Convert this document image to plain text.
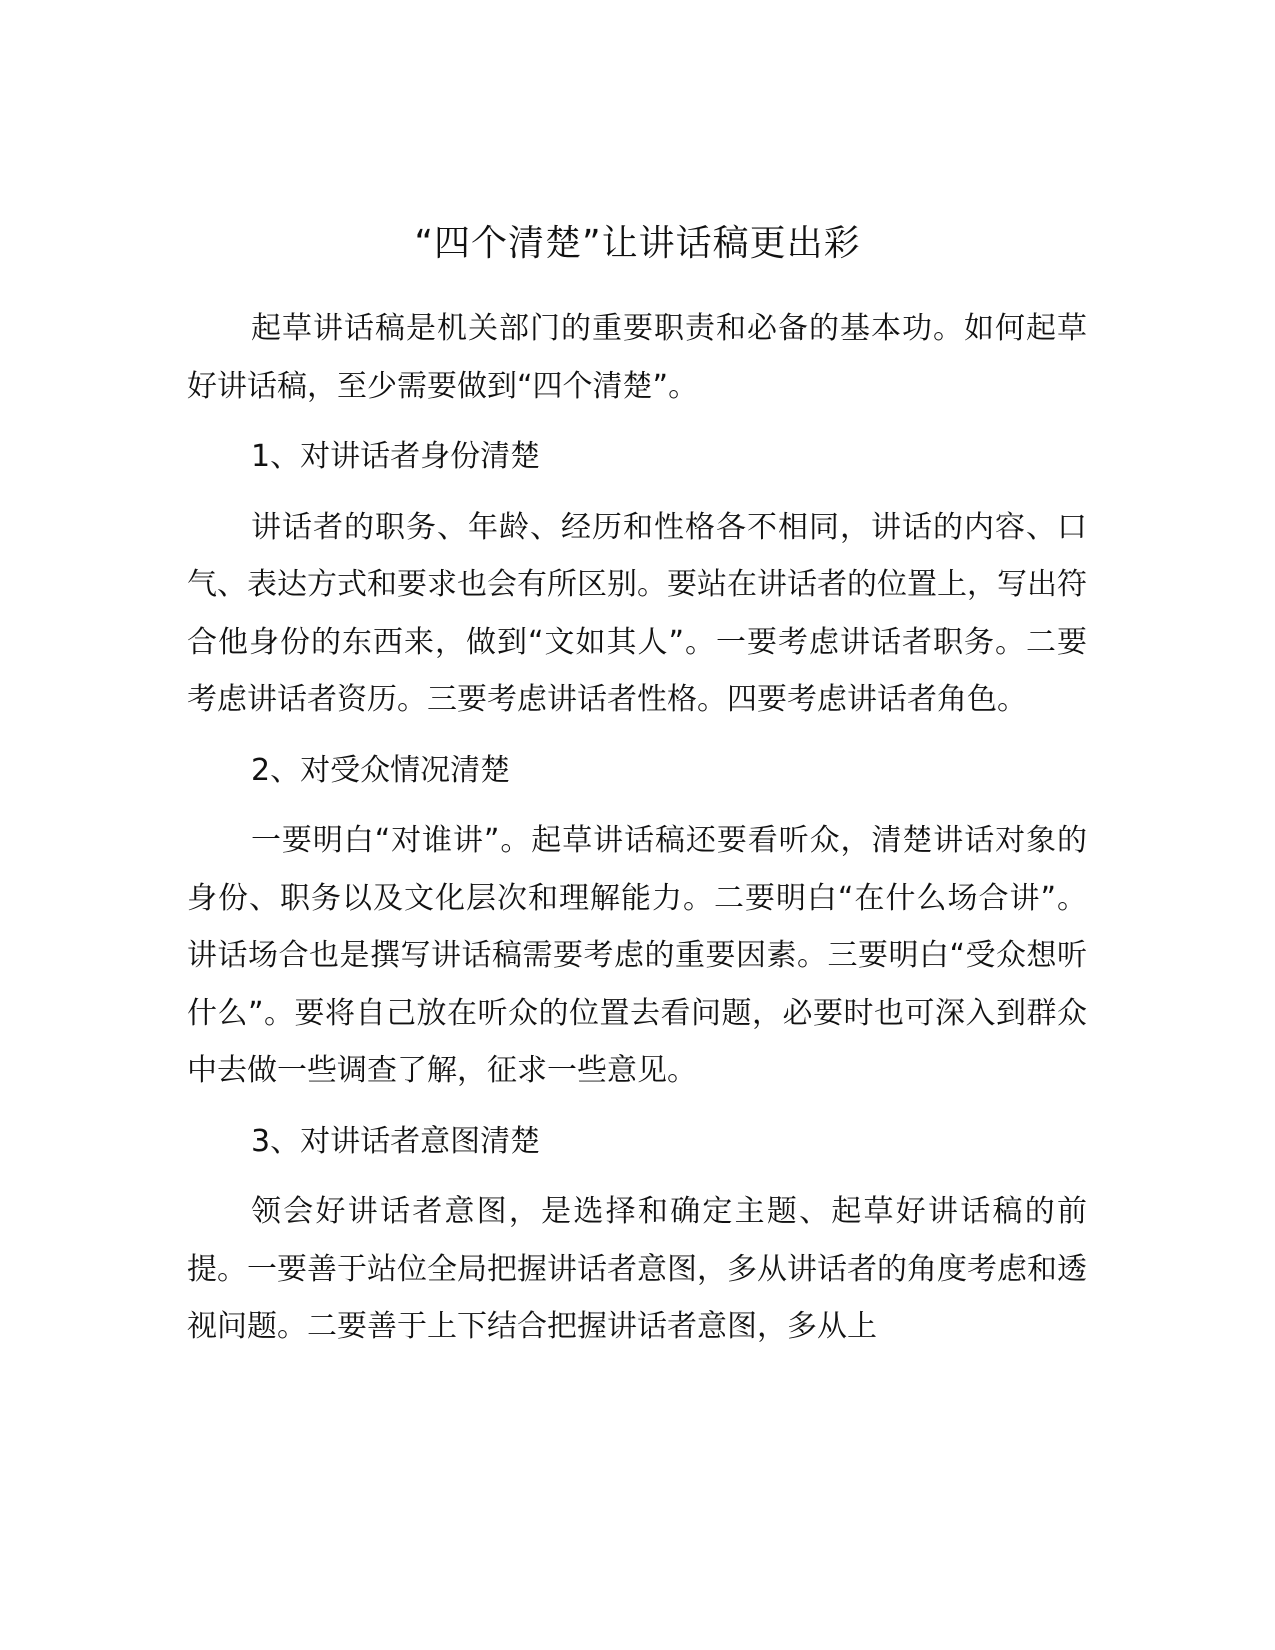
“四个清楚”让讲话稿更出彩

起草讲话稿是机关部门的重要职责和必备的基本功。如何起草好讲话稿，至少需要做到“四个清楚”。

1、对讲话者身份清楚

讲话者的职务、年龄、经历和性格各不相同，讲话的内容、口气、表达方式和要求也会有所区别。要站在讲话者的位置上，写出符合他身份的东西来，做到“文如其人”。一要考虑讲话者职务。二要考虑讲话者资历。三要考虑讲话者性格。四要考虑讲话者角色。

2、对受众情况清楚

一要明白“对谁讲”。起草讲话稿还要看听众，清楚讲话对象的身份、职务以及文化层次和理解能力。二要明白“在什么场合讲”。讲话场合也是撰写讲话稿需要考虑的重要因素。三要明白“受众想听什么”。要将自己放在听众的位置去看问题，必要时也可深入到群众中去做一些调查了解，征求一些意见。

3、对讲话者意图清楚

领会好讲话者意图，是选择和确定主题、起草好讲话稿的前提。一要善于站位全局把握讲话者意图，多从讲话者的角度考虑和透视问题。二要善于上下结合把握讲话者意图，多从上
